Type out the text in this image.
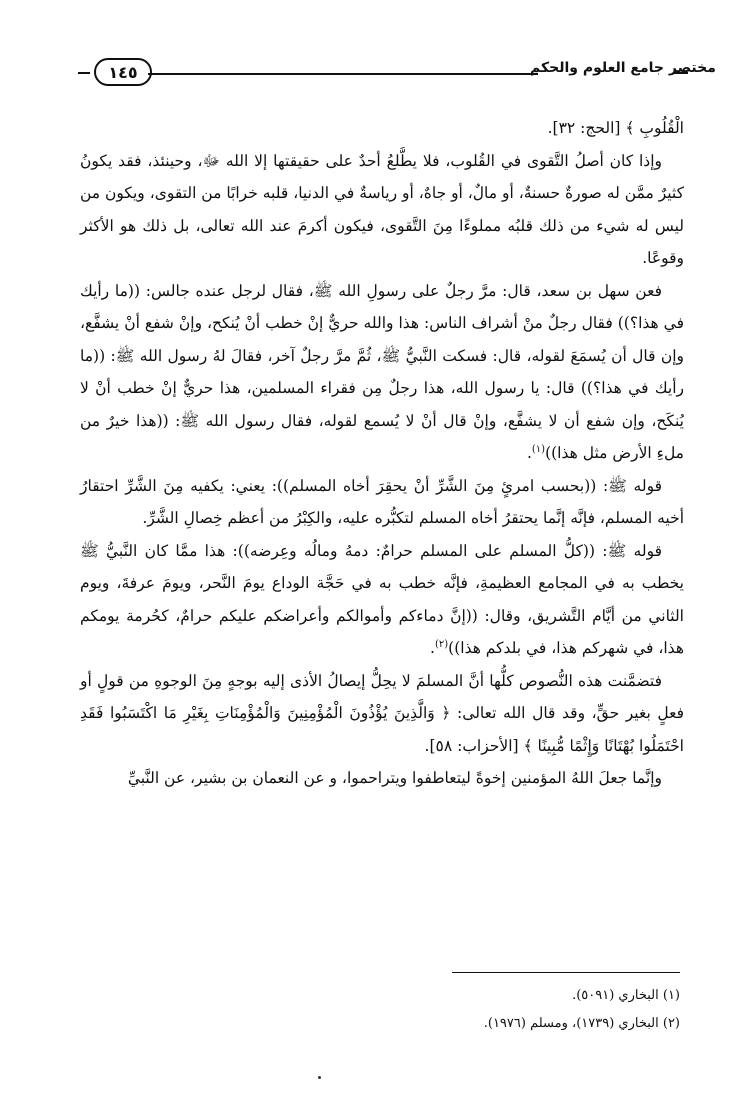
١٤٥	مختصر جامع العلوم والحكم

الْقُلُوبِ ﴾ [الحج: ٣٢].

وإذا كان أصلُ التَّقوى في القُلوب، فلا يطَّلعُ أحدٌ على حقيقتها إلا الله ﷻ، وحينئذ، فقد يكونُ كثيرٌ ممَّن له صورةٌ حسنةٌ، أو مالٌ، أو جاهٌ، أو رياسةٌ في الدنيا، قلبه خرابًا من التقوى، ويكون من ليس له شيء من ذلك قلبُه مملوءًا مِنَ التَّقوى، فيكون أكرمَ عند الله تعالى، بل ذلك هو الأكثر وقوعًا.

فعن سهل بن سعد، قال: مرَّ رجلٌ على رسولِ الله ﷺ، فقال لرجل عنده جالس: ((ما رأيك في هذا؟)) فقال رجلٌ منْ أشراف الناس: هذا والله حريٌّ إنْ خطب أنْ يُنكح، وإنْ شفع أنْ يشفَّع، وإن قال أن يُسمَعَ لقوله، قال: فسكت النَّبيُّ ﷺ، ثُمَّ مرَّ رجلٌ آخر، فقالَ لهُ رسول الله ﷺ: ((ما رأيك في هذا؟)) قال: يا رسول الله، هذا رجلٌ مِن فقراء المسلمين، هذا حريٌّ إنْ خطب أنْ لا يُنكَح، وإن شفع أن لا يشفَّع، وإنْ قال أنْ لا يُسمع لقوله، فقال رسول الله ﷺ: ((هذا خيرٌ من ملءِ الأرض مثل هذا))$^{(١)}$.

قوله ﷺ: ((بحسب امرئٍ مِنَ الشَّرِّ أنْ يحقِرَ أخاه المسلم)): يعني: يكفيه مِنَ الشَّرِّ احتقارُ أخيه المسلم، فإنَّه إنَّما يحتقرُ أخاه المسلم لتكبُّره عليه، والكِبْرُ من أعظم خِصالِ الشَّرِّ.

قوله ﷺ: ((كلُّ المسلم على المسلم حرامٌ: دمهُ ومالُه وعِرضه)): هذا ممَّا كان النَّبيُّ ﷺ يخطب به في المجامع العظيمةِ، فإنَّه خطب به في حَجَّة الوداع يومَ النَّحر، ويومَ عرفةَ، ويوم الثاني من أيَّام التَّشريق، وقال: ((إنَّ دماءكم وأموالكم وأعراضكم عليكم حرامٌ، كحُرمة يومكم هذا، في شهركم هذا، في بلدكم هذا))$^{(٢)}$.

فتضمَّنت هذه النُّصوص كلُّها أنَّ المسلمَ لا يحِلُّ إيصالُ الأذى إليه بوجهٍ مِنَ الوجوهِ من قولٍ أو فعلٍ بغير حقٍّ، وقد قال الله تعالى: ﴿ وَالَّذِينَ يُؤْذُونَ الْمُؤْمِنِينَ وَالْمُؤْمِنَاتِ بِغَيْرِ مَا اكْتَسَبُوا فَقَدِ احْتَمَلُوا بُهْتَانًا وَإِثْمًا مُّبِينًا ﴾ [الأحزاب: ٥٨].

وإنَّما جعلَ اللهُ المؤمنين إخوةً ليتعاطفوا ويتراحموا، و عن النعمان بن بشير، عن النَّبيِّ

(١) البخاري (٥٠٩١).
(٢) البخاري (١٧٣٩)، ومسلم (١٩٧٦).
